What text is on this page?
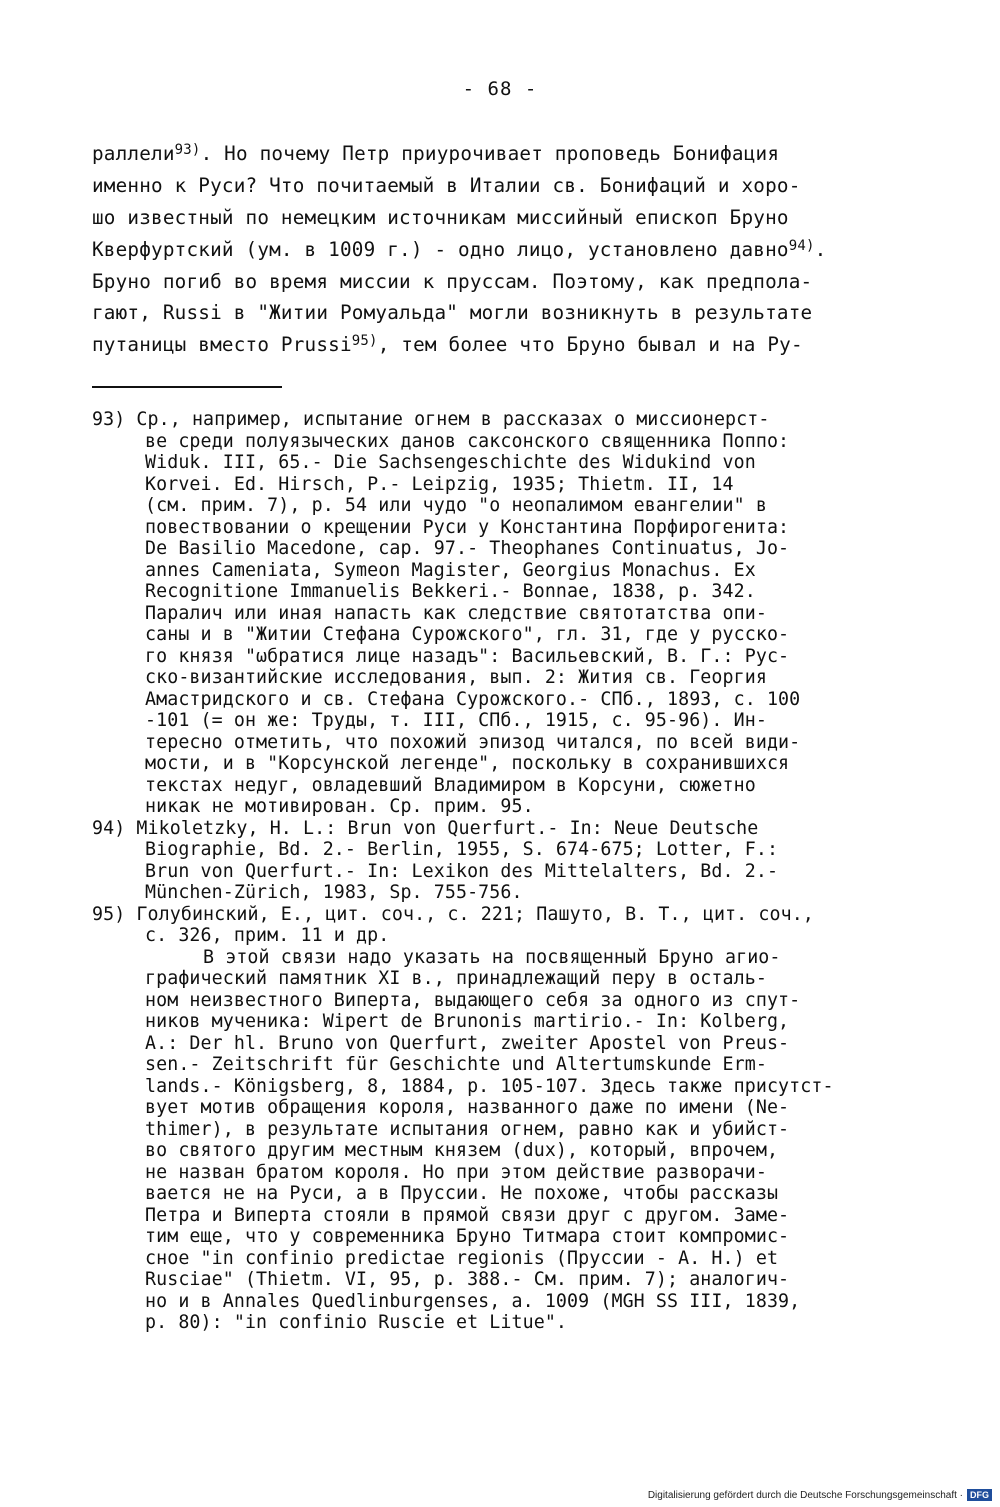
- 68 -
раллели$^{93)}$. Но почему Петр приурочивает проповедь Бонифация
именно к Руси? Что почитаемый в Италии св. Бонифаций и хоро-
шо известный по немецким источникам миссийный епископ Бруно
Кверфуртский (ум. в 1009 г.) - одно лицо, установлено давно$^{94)}$.
Бруно погиб во время миссии к пруссам. Поэтому, как предпола-
гают, Russi в "Житии Ромуальда" могли возникнуть в результате
путаницы вместо Prussi$^{95)}$, тем более что Бруно бывал и на Ру-
93) Ср., например, испытание огнем в рассказах о миссионерст-
ве среди полуязычеcких данов саксонского священника Поппо:
Widuk. III, 65.- Die Sachsengeschichte des Widukind von
Korvei. Ed. Hirsch, P.- Leipzig, 1935; Thietm. II, 14
(см. прим. 7), p. 54 или чудо "о неопалимом евангелии" в
повествовании о крещении Руси у Константина Порфирогенита:
De Basilio Macedone, cap. 97.- Theophanes Continuatus, Jo-
annes Cameniata, Symeon Magister, Georgius Monachus. Ex
Recognitione Immanuelis Bekkeri.- Bonnae, 1838, p. 342.
Паралич или иная напасть как следствие святотатства опи-
саны и в "Житии Стефана Сурожского", гл. 31, где у русско-
го князя "ωбратися лице назадъ": Васильевский, В. Г.: Рус-
ско-византийские исследования, вып. 2: Жития св. Георгия
Амастридского и св. Стефана Сурожского.- СПб., 1893, с. 100
-101 (= он же: Труды, т. III, СПб., 1915, с. 95-96). Ин-
тересно отметить, что похожий эпизод читался, по всей види-
мости, и в "Корсунской легенде", поскольку в сохранившихся
текстах недуг, овладевший Владимиром в Корсуни, сюжетно
никак не мотивирован. Ср. прим. 95.
94) Mikoletzky, H. L.: Brun von Querfurt.- In: Neue Deutsche
Biographie, Bd. 2.- Berlin, 1955, S. 674-675; Lotter, F.:
Brun von Querfurt.- In: Lexikon des Mittelalters, Bd. 2.-
München-Zürich, 1983, Sp. 755-756.
95) Голубинский, Е., цит. соч., с. 221; Пашуто, В. Т., цит. соч.,
с. 326, прим. 11 и др.
В этой связи надо указать на посвященный Бруно агио-
графический памятник XI в., принадлежащий перу в осталь-
ном неизвестного Виперта, выдающего себя за одного из спут-
ников мученика: Wipert de Brunonis martirio.- In: Kolberg,
A.: Der hl. Bruno von Querfurt, zweiter Apostel von Preus-
sen.- Zeitschrift für Geschichte und Altertumskunde Erm-
lands.- Königsberg, 8, 1884, p. 105-107. Здесь также присутст-
вует мотив обращения короля, названного даже по имени (Ne-
thimer), в результате испытания огнем, равно как и убийст-
во святого другим местным князем (dux), который, впрочем,
не назван братом короля. Но при этом действие разворачи-
вается не на Руси, а в Пруссии. Не похоже, чтобы рассказы
Петра и Виперта стояли в прямой связи друг с другом. Заме-
тим еще, что у современника Бруно Титмара стоит компромис-
сное "in confinio predictae regionis (Пруссии - А. Н.) et
Rusciae" (Thietm. VI, 95, p. 388.- См. прим. 7); аналогич-
но и в Annales Quedlinburgenses, a. 1009 (MGH SS III, 1839,
p. 80): "in confinio Ruscie et Litue".
Digitalisierung gefördert durch die Deutsche Forschungsgemeinschaft · DFG
